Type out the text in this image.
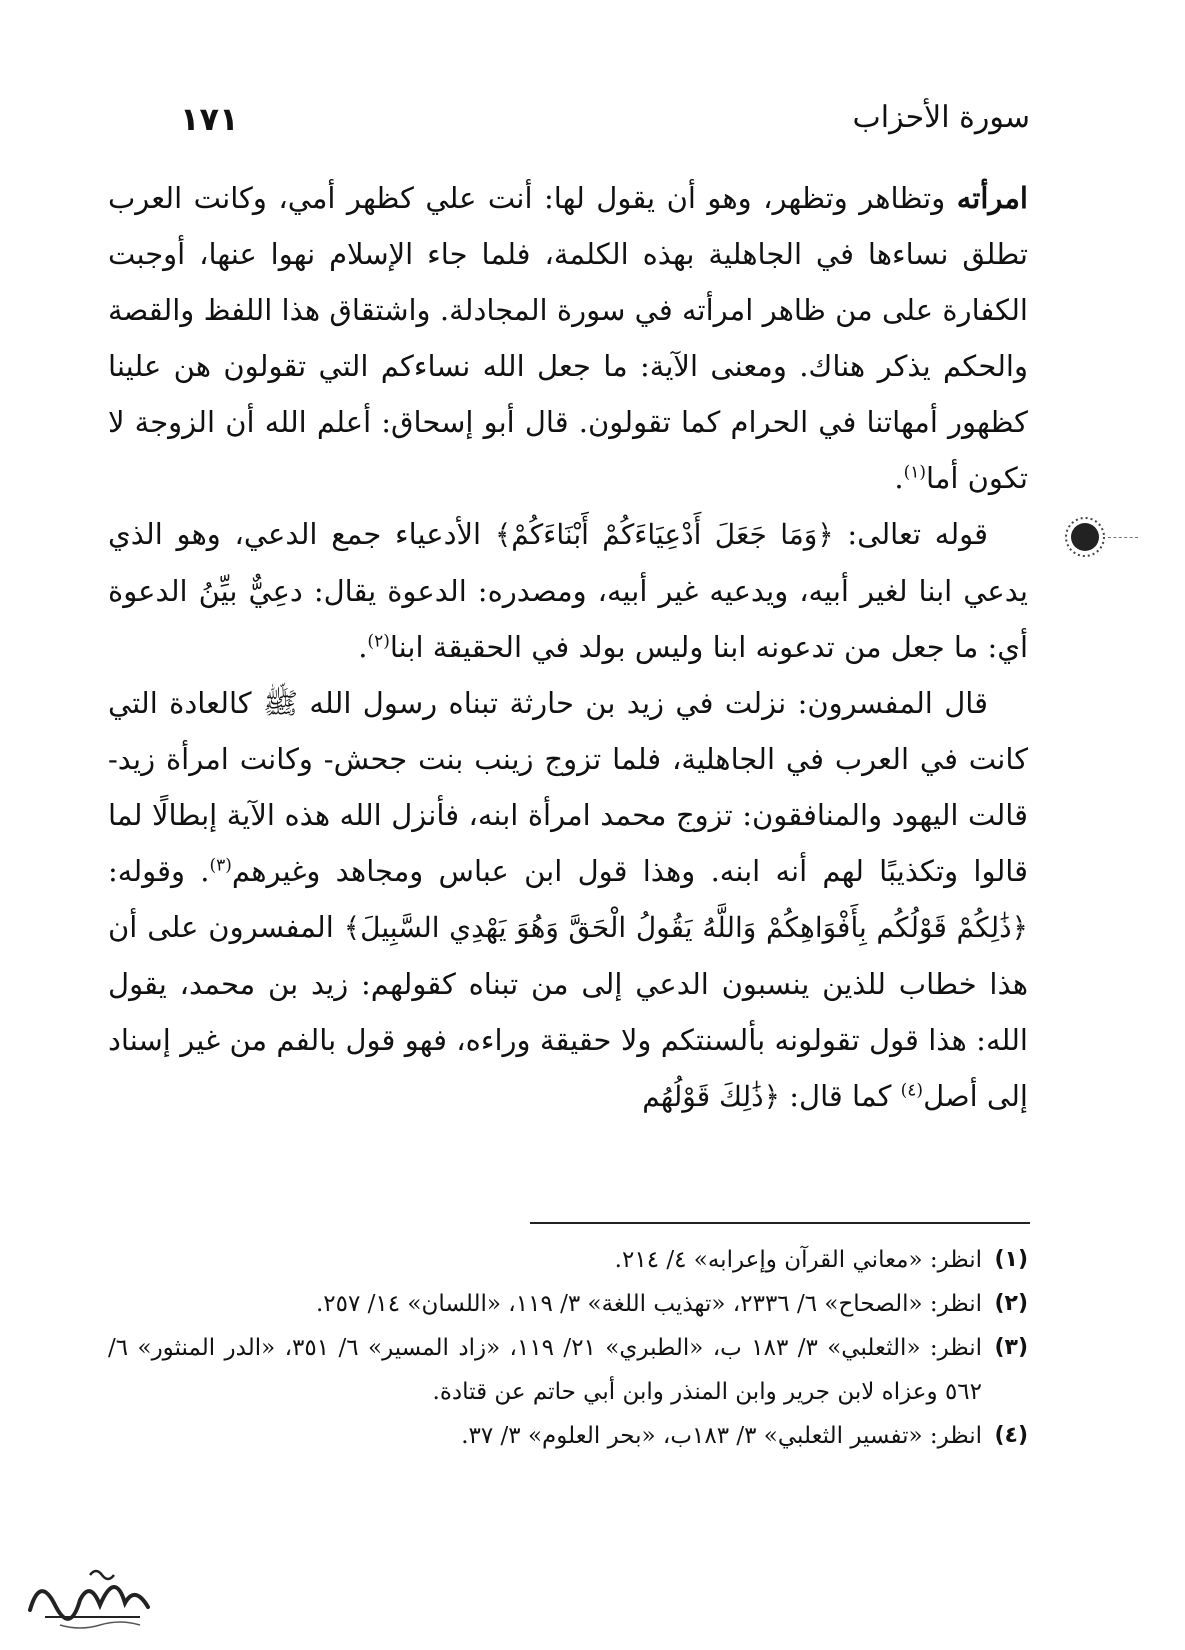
سورة الأحزاب
١٧١

امرأته وتظاهر وتظهر، وهو أن يقول لها: أنت علي كظهر أمي، وكانت العرب تطلق نساءها في الجاهلية بهذه الكلمة، فلما جاء الإسلام نهوا عنها، أوجبت الكفارة على من ظاهر امرأته في سورة المجادلة. واشتقاق هذا اللفظ والقصة والحكم يذكر هناك. ومعنى الآية: ما جعل الله نساءكم التي تقولون هن علينا كظهور أمهاتنا في الحرام كما تقولون. قال أبو إسحاق: أعلم الله أن الزوجة لا تكون أما$^{(١)}$.

قوله تعالى: ﴿وَمَا جَعَلَ أَدْعِيَاءَكُمْ أَبْنَاءَكُمْ﴾ الأدعياء جمع الدعي، وهو الذي يدعي ابنا لغير أبيه، ويدعيه غير أبيه، ومصدره: الدعوة يقال: دعِيٌّ بيِّنُ الدعوة أي: ما جعل من تدعونه ابنا وليس بولد في الحقيقة ابنا$^{(٢)}$.

قال المفسرون: نزلت في زيد بن حارثة تبناه رسول الله ﷺ كالعادة التي كانت في العرب في الجاهلية، فلما تزوج زينب بنت جحش- وكانت امرأة زيد- قالت اليهود والمنافقون: تزوج محمد امرأة ابنه، فأنزل الله هذه الآية إبطالًا لما قالوا وتكذيبًا لهم أنه ابنه. وهذا قول ابن عباس ومجاهد وغيرهم$^{(٣)}$. وقوله: ﴿ذَٰلِكُمْ قَوْلُكُم بِأَفْوَاهِكُمْ وَاللَّهُ يَقُولُ الْحَقَّ وَهُوَ يَهْدِي السَّبِيلَ﴾ المفسرون على أن هذا خطاب للذين ينسبون الدعي إلى من تبناه كقولهم: زيد بن محمد، يقول الله: هذا قول تقولونه بألسنتكم ولا حقيقة وراءه، فهو قول بالفم من غير إسناد إلى أصل$^{(٤)}$ كما قال: ﴿ذَٰلِكَ قَوْلُهُم

(١)
انظر: «معاني القرآن وإعرابه» ٤/ ٢١٤.
(٢)
انظر: «الصحاح» ٦/ ٢٣٣٦، «تهذيب اللغة» ٣/ ١١٩، «اللسان» ١٤/ ٢٥٧.
(٣)
انظر: «الثعلبي» ٣/ ١٨٣ ب، «الطبري» ٢١/ ١١٩، «زاد المسير» ٦/ ٣٥١، «الدر المنثور» ٦/ ٥٦٢ وعزاه لابن جرير وابن المنذر وابن أبي حاتم عن قتادة.
(٤)
انظر: «تفسير الثعلبي» ٣/ ١٨٣ب، «بحر العلوم» ٣/ ٣٧.
